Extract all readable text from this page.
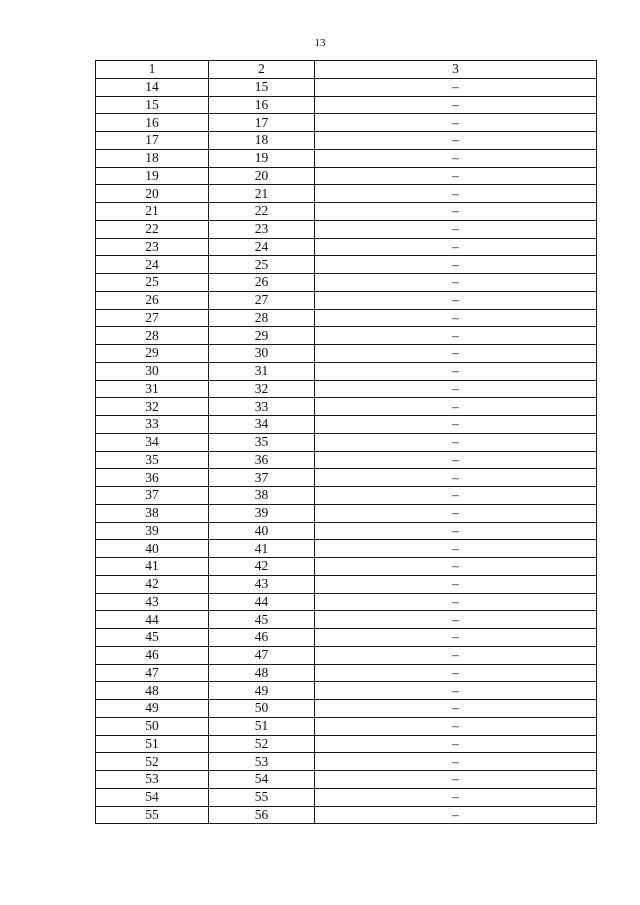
13
1	2	3
14	15	–
15	16	–
16	17	–
17	18	–
18	19	–
19	20	–
20	21	–
21	22	–
22	23	–
23	24	–
24	25	–
25	26	–
26	27	–
27	28	–
28	29	–
29	30	–
30	31	–
31	32	–
32	33	–
33	34	–
34	35	–
35	36	–
36	37	–
37	38	–
38	39	–
39	40	–
40	41	–
41	42	–
42	43	–
43	44	–
44	45	–
45	46	–
46	47	–
47	48	–
48	49	–
49	50	–
50	51	–
51	52	–
52	53	–
53	54	–
54	55	–
55	56	–
